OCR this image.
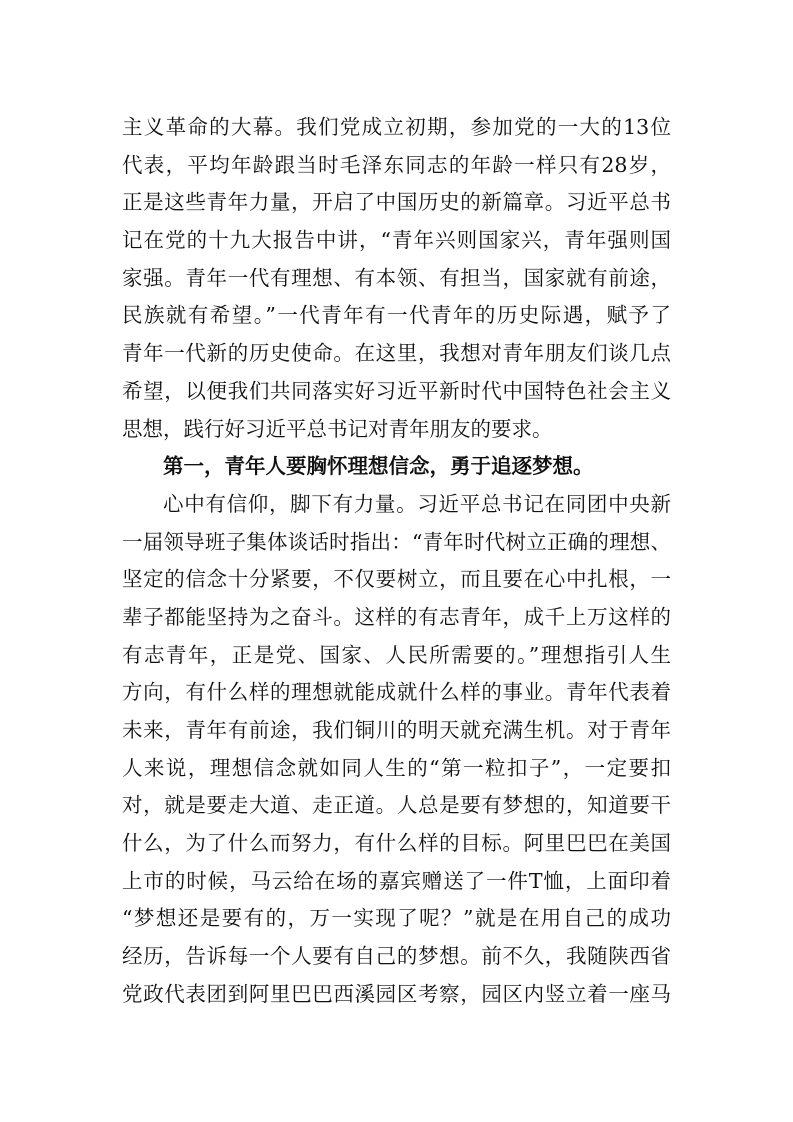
主义革命的大幕。我们党成立初期，参加党的一大的13位
代表，平均年龄跟当时毛泽东同志的年龄一样只有28岁，
正是这些青年力量，开启了中国历史的新篇章。习近平总书
记在党的十九大报告中讲，“青年兴则国家兴，青年强则国
家强。青年一代有理想、有本领、有担当，国家就有前途，
民族就有希望。”一代青年有一代青年的历史际遇，赋予了
青年一代新的历史使命。在这里，我想对青年朋友们谈几点
希望，以便我们共同落实好习近平新时代中国特色社会主义
思想，践行好习近平总书记对青年朋友的要求。
第一，青年人要胸怀理想信念，勇于追逐梦想。
心中有信仰，脚下有力量。习近平总书记在同团中央新
一届领导班子集体谈话时指出：“青年时代树立正确的理想、
坚定的信念十分紧要，不仅要树立，而且要在心中扎根，一
辈子都能坚持为之奋斗。这样的有志青年，成千上万这样的
有志青年，正是党、国家、人民所需要的。”理想指引人生
方向，有什么样的理想就能成就什么样的事业。青年代表着
未来，青年有前途，我们铜川的明天就充满生机。对于青年
人来说，理想信念就如同人生的“第一粒扣子”，一定要扣
对，就是要走大道、走正道。人总是要有梦想的，知道要干
什么，为了什么而努力，有什么样的目标。阿里巴巴在美国
上市的时候，马云给在场的嘉宾赠送了一件T恤，上面印着
“梦想还是要有的，万一实现了呢？”就是在用自己的成功
经历，告诉每一个人要有自己的梦想。前不久，我随陕西省
党政代表团到阿里巴巴西溪园区考察，园区内竖立着一座马
